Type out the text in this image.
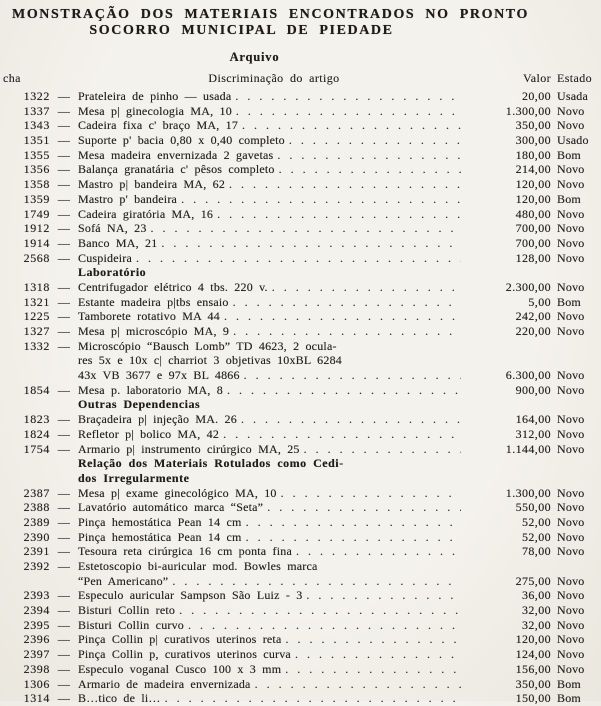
MONSTRAÇÃO DOS MATERIAIS ENCONTRADOS NO PRONTO
SOCORRO MUNICIPAL DE PIEDADE
Arquivo
cha	Discriminação do artigo	Valor Estado
1322 — Prateleira de pinho — usada . . .	20,00 Usada
1337 — Mesa p| ginecologia MA, 10 . . .	1.300,00 Novo
1343 — Cadeira fixa c' braço MA, 17 . . .	350,00 Novo
1351 — Suporte p' bacia 0,80 x 0,40 completo . . .	300,00 Usado
1355 — Mesa madeira envernizada 2 gavetas . . .	180,00 Bom
1356 — Balança granatária c' pêsos completo . . .	214,00 Novo
1358 — Mastro p| bandeira MA, 62 . . .	120,00 Novo
1359 — Mastro p' bandeira . . .	120,00 Bom
1749 — Cadeira giratória MA, 16 . . .	480,00 Novo
1912 — Sofá NA, 23 . . .	700,00 Novo
1914 — Banco MA, 21 . . .	700,00 Novo
2568 — Cuspideira . . .	128,00 Novo
Laboratório
1318 — Centrifugador elétrico 4 tbs. 220 v. . . .	2.300,00 Novo
1321 — Estante madeira p|tbs ensaio . . .	5,00 Bom
1225 — Tamborete rotativo MA 44 . . .	242,00 Novo
1327 — Mesa p| microscópio MA, 9 . . .	220,00 Novo
1332 — Microscópio “Bausch Lomb” TD 4623, 2 ocula-
res 5x e 10x c| charriot 3 objetivas 10xBL 6284
43x VB 3677 e 97x BL 4866 . . .	6.300,00 Novo
1854 — Mesa p. laboratorio MA, 8 . . .	900,00 Novo
Outras Dependencias
1823 — Braçadeira p| injeção MA. 26 . . .	164,00 Novo
1824 — Refletor p| bolico MA, 42 . . .	312,00 Novo
1754 — Armario p| instrumento cirúrgico MA, 25 . . .	1.144,00 Novo
Relação dos Materiais Rotulados como Cedi-
dos Irregularmente
2387 — Mesa p| exame ginecológico MA, 10 . . .	1.300,00 Novo
2388 — Lavatório automático marca “Seta” . . .	550,00 Novo
2389 — Pinça hemostática Pean 14 cm . . .	52,00 Novo
2390 — Pinça hemostática Pean 14 cm . . .	52,00 Novo
2391 — Tesoura reta cirúrgica 16 cm ponta fina . . .	78,00 Novo
2392 — Estetoscopio bi-auricular mod. Bowles marca
“Pen Americano” . . .	275,00 Novo
2393 — Especulo auricular Sampson São Luiz - 3 . . .	36,00 Novo
2394 — Bisturi Collin reto . . .	32,00 Novo
2395 — Bisturi Collin curvo . . .	32,00 Novo
2396 — Pinça Collin p| curativos uterinos reta . . .	120,00 Novo
2397 — Pinça Collin p, curativos uterinos curva . . .	124,00 Novo
2398 — Especulo voganal Cusco 100 x 3 mm . . .	156,00 Novo
1306 — Armario de madeira envernizada . . .	350,00 Bom
1314 — B…tico de li… . . .	150,00 Bom
